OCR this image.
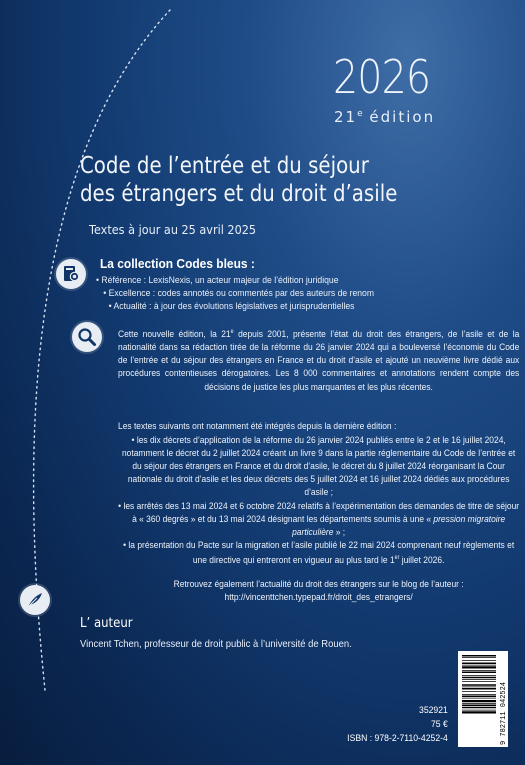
2026
21e édition
Code de l’entrée et du séjour
des étrangers et du droit d’asile
Textes à jour au 25 avril 2025
La collection Codes bleus :
• Référence : LexisNexis, un acteur majeur de l’édition juridique
• Excellence : codes annotés ou commentés par des auteurs de renom
• Actualité : à jour des évolutions législatives et jurisprudentielles
Cette nouvelle édition, la 21e depuis 2001, présente l’état du droit des étrangers, de l’asile et de la nationalité dans sa rédaction tirée de la réforme du 26 janvier 2024 qui a bouleversé l’économie du Code de l’entrée et du séjour des étrangers en France et du droit d’asile et ajouté un neuvième livre dédié aux procédures contentieuses dérogatoires. Les 8 000 commentaires et annotations rendent compte des décisions de justice les plus marquantes et les plus récentes.

Les textes suivants ont notamment été intégrés depuis la dernière édition :

• les dix décrets d’application de la réforme du 26 janvier 2024 publiés entre le 2 et le 16 juillet 2024, notamment le décret du 2 juillet 2024 créant un livre 9 dans la partie réglementaire du Code de l’entrée et du séjour des étrangers en France et du droit d’asile, le décret du 8 juillet 2024 réorganisant la Cour nationale du droit d’asile et les deux décrets des 5 juillet 2024 et 16 juillet 2024 dédiés aux procédures d’asile ;

• les arrêtés des 13 mai 2024 et 6 octobre 2024 relatifs à l’expérimentation des demandes de titre de séjour à « 360 degrés » et du 13 mai 2024 désignant les départements soumis à une « pression migratoire particulière » ;

• la présentation du Pacte sur la migration et l’asile publié le 22 mai 2024 comprenant neuf règlements et une directive qui entreront en vigueur au plus tard le 1er juillet 2026.

Retrouvez également l’actualité du droit des étrangers sur le blog de l’auteur :
http://vincenttchen.typepad.fr/droit_des_etrangers/
L’ auteur
Vincent Tchen, professeur de droit public à l’université de Rouen.
352921
75 €
ISBN : 978-2-7110-4252-4	9 782711 042524
